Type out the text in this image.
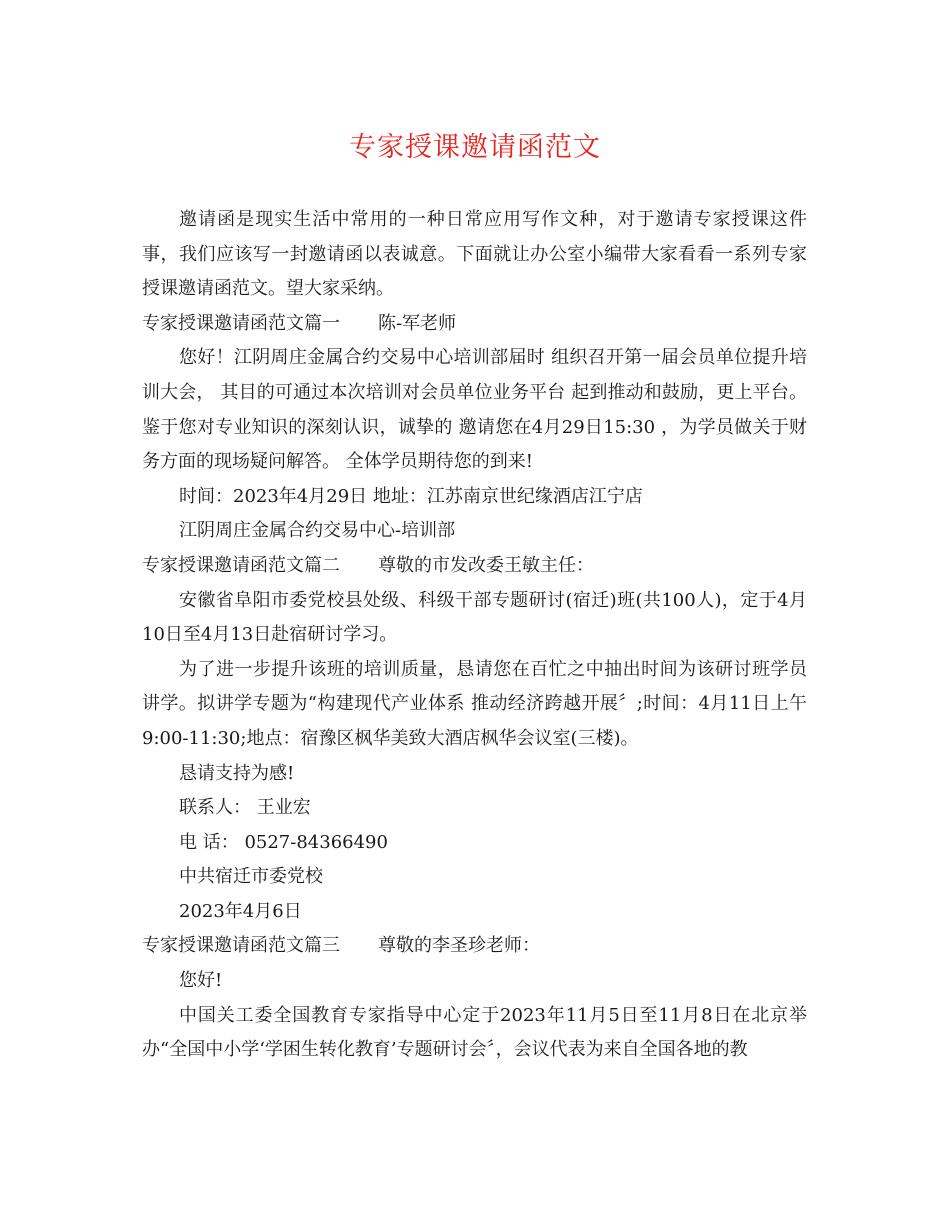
专家授课邀请函范文

邀请函是现实生活中常用的一种日常应用写作文种，对于邀请专家授课这件事，我们应该写一封邀请函以表诚意。下面就让办公室小编带大家看看一系列专家授课邀请函范文。望大家采纳。

专家授课邀请函范文篇一 陈-军老师

您好！江阴周庄金属合约交易中心培训部届时 组织召开第一届会员单位提升培训大会， 其目的可通过本次培训对会员单位业务平台 起到推动和鼓励，更上平台。 鉴于您对专业知识的深刻认识，诚挚的 邀请您在4月29日15:30 ，为学员做关于财 务方面的现场疑问解答。 全体学员期待您的到来!

时间：2023年4月29日 地址：江苏南京世纪缘酒店江宁店

江阴周庄金属合约交易中心-培训部

专家授课邀请函范文篇二 尊敬的市发改委王敏主任：

安徽省阜阳市委党校县处级、科级干部专题研讨(宿迁)班(共100人)，定于4月10日至4月13日赴宿研讨学习。

为了进一步提升该班的培训质量，恳请您在百忙之中抽出时间为该研讨班学员讲学。拟讲学专题为“构建现代产业体系 推动经济跨越开展〞;时间：4月11日上午9:00-11:30;地点：宿豫区枫华美致大酒店枫华会议室(三楼)。

恳请支持为感!

联系人： 王业宏

电 话： 0527-84366490

中共宿迁市委党校

2023年4月6日

专家授课邀请函范文篇三 尊敬的李圣珍老师：

您好!

中国关工委全国教育专家指导中心定于2023年11月5日至11月8日在北京举办“全国中小学‘学困生转化教育’专题研讨会〞，会议代表为来自全国各地的教
